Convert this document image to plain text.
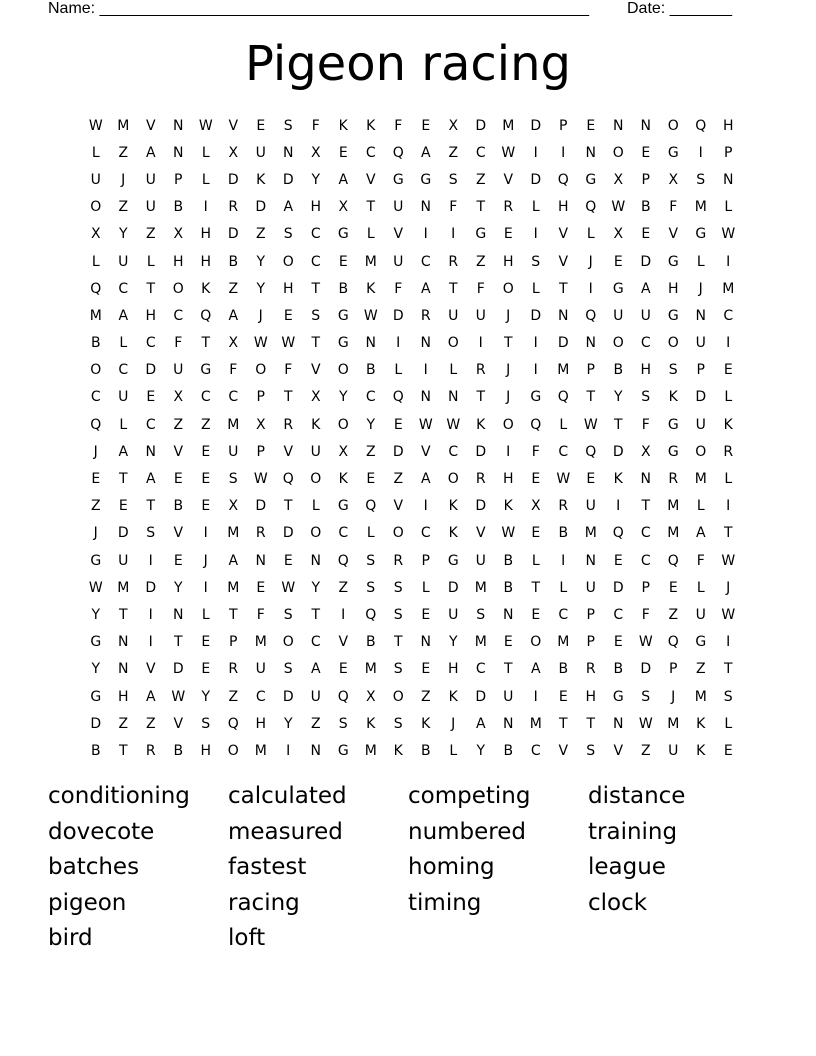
Name: _______________________________________________________ Date: _______
Pigeon racing
W	M	V	N	W	V	E	S	F	K	K	F	E	X	D	M	D	P	E	N	N	O	Q	H
L	Z	A	N	L	X	U	N	X	E	C	Q	A	Z	C	W	I	I	N	O	E	G	I	P
U	J	U	P	L	D	K	D	Y	A	V	G	G	S	Z	V	D	Q	G	X	P	X	S	N
O	Z	U	B	I	R	D	A	H	X	T	U	N	F	T	R	L	H	Q	W	B	F	M	L
X	Y	Z	X	H	D	Z	S	C	G	L	V	I	I	G	E	I	V	L	X	E	V	G	W
L	U	L	H	H	B	Y	O	C	E	M	U	C	R	Z	H	S	V	J	E	D	G	L	I
Q	C	T	O	K	Z	Y	H	T	B	K	F	A	T	F	O	L	T	I	G	A	H	J	M
M	A	H	C	Q	A	J	E	S	G	W	D	R	U	U	J	D	N	Q	U	U	G	N	C
B	L	C	F	T	X	W W	T	G	N	I	N	O	I	T	I	D	N	O	C	O	U	I
O	C	D	U	G	F	O	F	V	O	B	L	I	L	R	J	I	M	P	B	H	S	P	E
C	U	E	X	C	C	P	T	X	Y	C	Q	N	N	T	J	G	Q	T	Y	S	K	D	L
Q	L	C	Z	Z	M	X	R	K	O	Y	E	W W	K	O	Q	L	W	T	F	G	U	K
J	A	N	V	E	U	P	V	U	X	Z	D	V	C	D	I	F	C	Q	D	X	G	O	R
E	T	A	E	E	S	W	Q	O	K	E	Z	A	O	R	H	E	W	E	K	N	R	M	L
Z	E	T	B	E	X	D	T	L	G	Q	V	I	K	D	K	X	R	U	I	T	M	L	I
J	D	S	V	I	M	R	D	O	C	L	O	C	K	V	W	E	B	M	Q	C	M	A	T
G	U	I	E	J	A	N	E	N	Q	S	R	P	G	U	B	L	I	N	E	C	Q	F	W
W	M	D	Y	I	M	E	W	Y	Z	S	S	L	D	M	B	T	L	U	D	P	E	L	J
Y	T	I	N	L	T	F	S	T	I	Q	S	E	U	S	N	E	C	P	C	F	Z	U	W
G	N	I	T	E	P	M	O	C	V	B	T	N	Y	M	E	O	M	P	E	W	Q	G	I
Y	N	V	D	E	R	U	S	A	E	M	S	E	H	C	T	A	B	R	B	D	P	Z	T
G	H	A	W	Y	Z	C	D	U	Q	X	O	Z	K	D	U	I	E	H	G	S	J	M	S
D	Z	Z	V	S	Q	H	Y	Z	S	K	S	K	J	A	N	M	T	T	N	W	M	K	L
B	T	R	B	H	O	M	I	N	G	M	K	B	L	Y	B	C	V	S	V	Z	U	K	E
conditioning	calculated	competing	distance
dovecote	measured	numbered	training
batches	fastest	homing	league
pigeon	racing	timing	clock
bird	loft
